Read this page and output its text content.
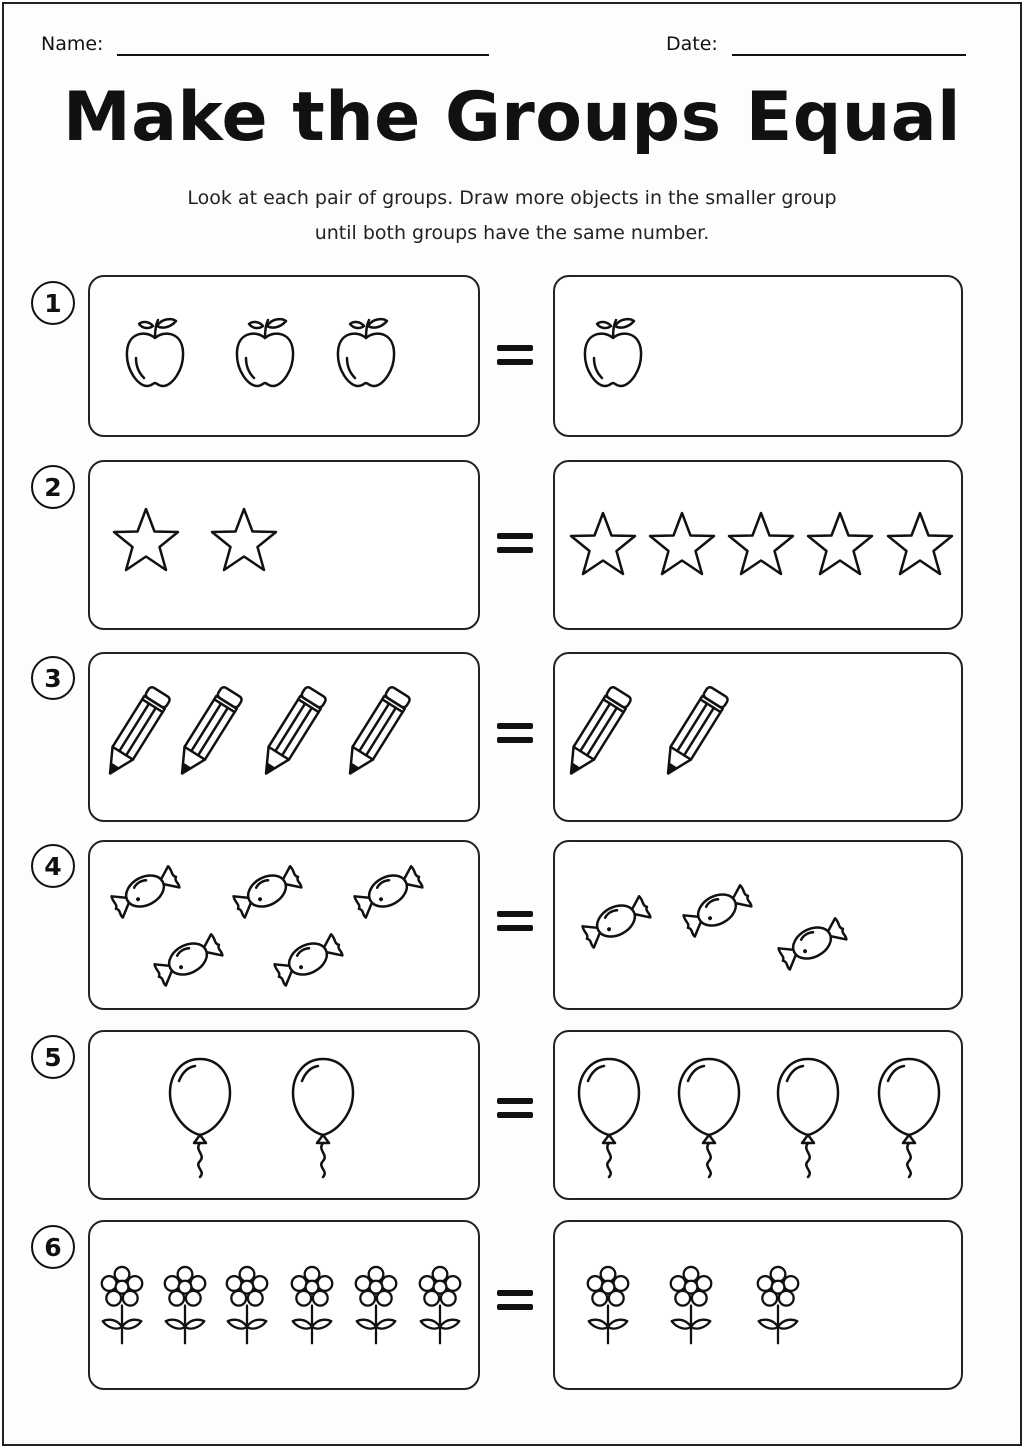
Name:	Date:
Make the Groups Equal
Look at each pair of groups. Draw more objects in the smaller group
until both groups have the same number.
1
2
3
4
5
6
